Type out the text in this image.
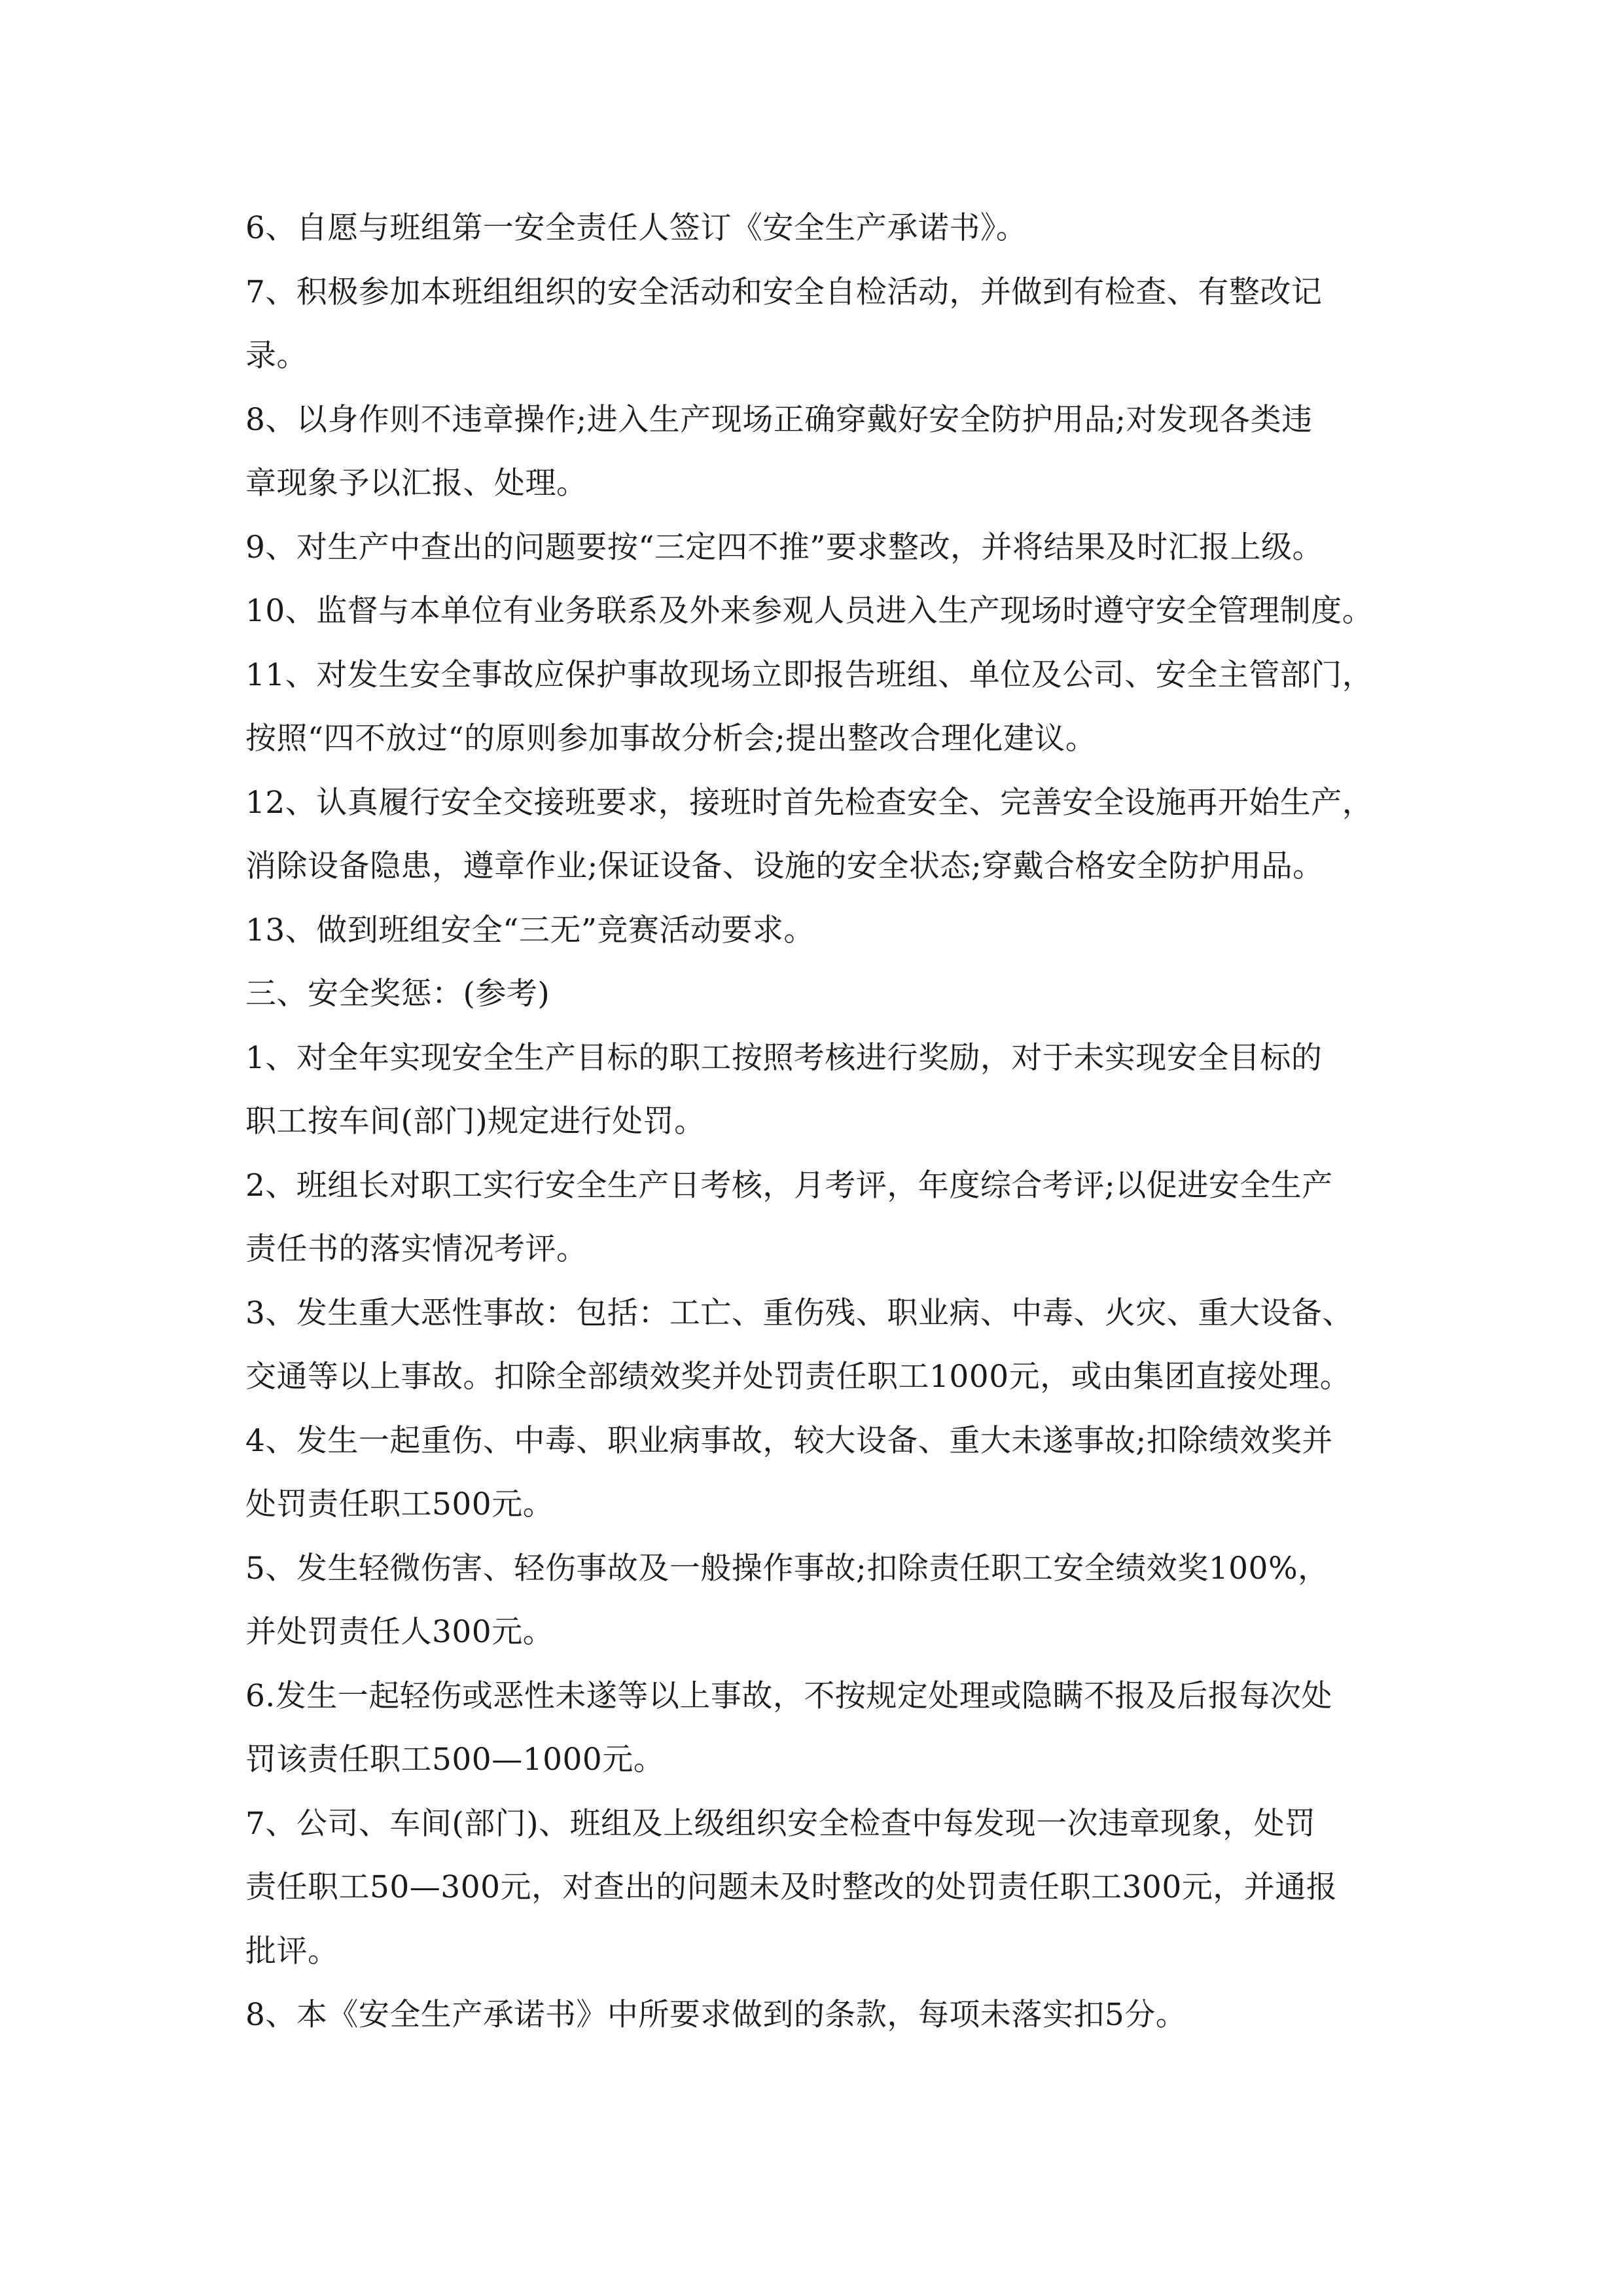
6、自愿与班组第一安全责任人签订《安全生产承诺书》。
7、积极参加本班组组织的安全活动和安全自检活动，并做到有检查、有整改记
录。
8、以身作则不违章操作;进入生产现场正确穿戴好安全防护用品;对发现各类违
章现象予以汇报、处理。
9、对生产中查出的问题要按“三定四不推”要求整改，并将结果及时汇报上级。
10、监督与本单位有业务联系及外来参观人员进入生产现场时遵守安全管理制度。
11、对发生安全事故应保护事故现场立即报告班组、单位及公司、安全主管部门，
按照“四不放过“的原则参加事故分析会;提出整改合理化建议。
12、认真履行安全交接班要求，接班时首先检查安全、完善安全设施再开始生产，
消除设备隐患，遵章作业;保证设备、设施的安全状态;穿戴合格安全防护用品。
13、做到班组安全“三无”竞赛活动要求。
三、安全奖惩：(参考)
1、对全年实现安全生产目标的职工按照考核进行奖励，对于未实现安全目标的
职工按车间(部门)规定进行处罚。
2、班组长对职工实行安全生产日考核，月考评，年度综合考评;以促进安全生产
责任书的落实情况考评。
3、发生重大恶性事故：包括：工亡、重伤残、职业病、中毒、火灾、重大设备、
交通等以上事故。扣除全部绩效奖并处罚责任职工1000元，或由集团直接处理。
4、发生一起重伤、中毒、职业病事故，较大设备、重大未遂事故;扣除绩效奖并
处罚责任职工500元。
5、发生轻微伤害、轻伤事故及一般操作事故;扣除责任职工安全绩效奖100%，
并处罚责任人300元。
6.发生一起轻伤或恶性未遂等以上事故，不按规定处理或隐瞒不报及后报每次处
罚该责任职工500—1000元。
7、公司、车间(部门)、班组及上级组织安全检查中每发现一次违章现象，处罚
责任职工50—300元，对查出的问题未及时整改的处罚责任职工300元，并通报
批评。
8、本《安全生产承诺书》中所要求做到的条款，每项未落实扣5分。
